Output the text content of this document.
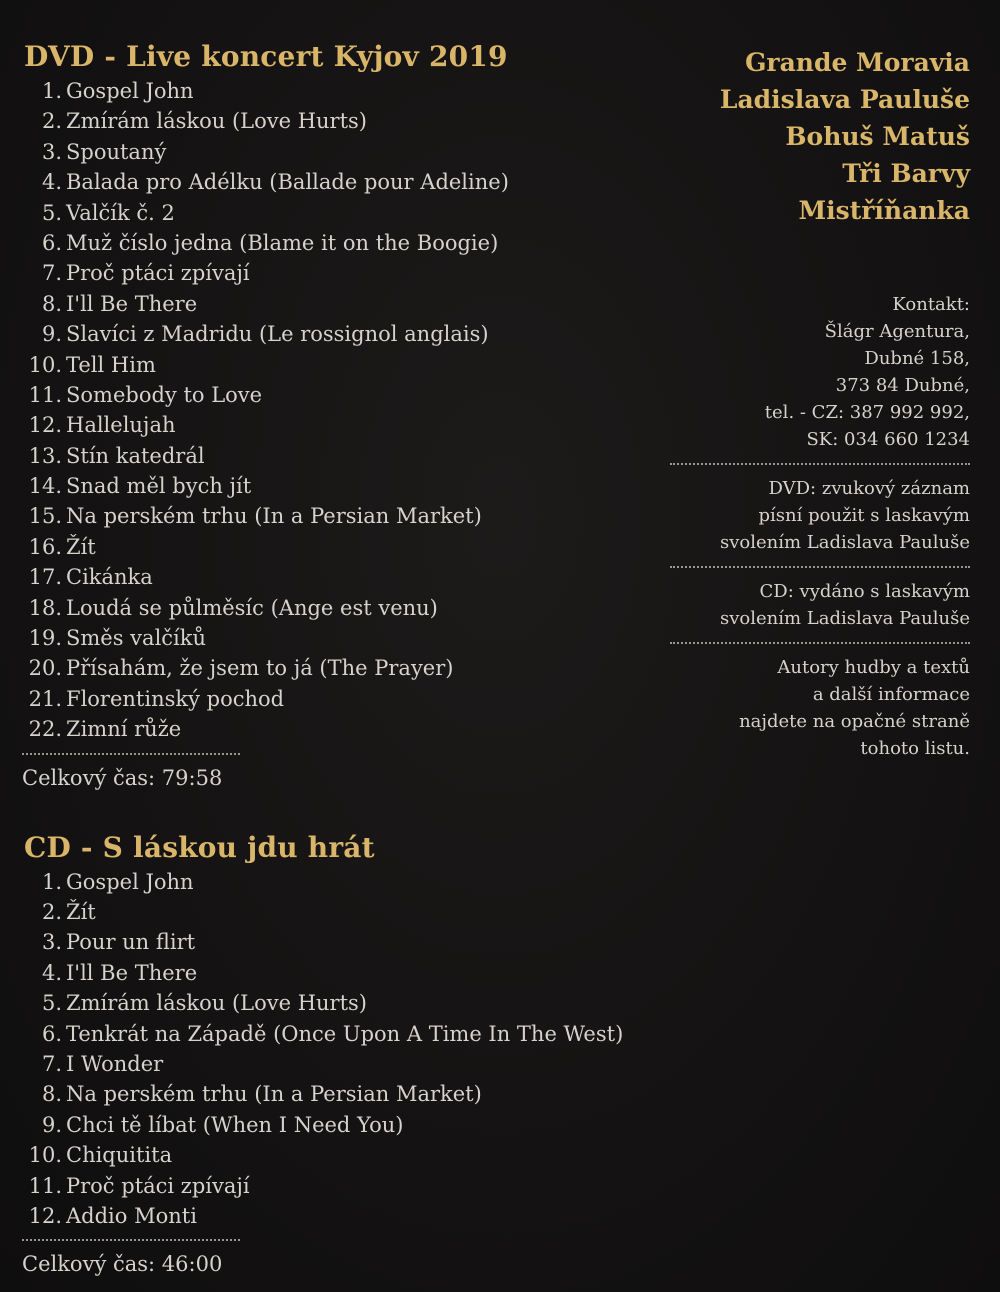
DVD - Live koncert Kyjov 2019
1. Gospel John
2. Zmírám láskou (Love Hurts)
3. Spoutaný
4. Balada pro Adélku (Ballade pour Adeline)
5. Valčík č. 2
6. Muž číslo jedna (Blame it on the Boogie)
7. Proč ptáci zpívají
8. I'll Be There
9. Slavíci z Madridu (Le rossignol anglais)
10. Tell Him
11. Somebody to Love
12. Hallelujah
13. Stín katedrál
14. Snad měl bych jít
15. Na perském trhu (In a Persian Market)
16. Žít
17. Cikánka
18. Loudá se půlměsíc (Ange est venu)
19. Směs valčíků
20. Přísahám, že jsem to já (The Prayer)
21. Florentinský pochod
22. Zimní růže
Celkový čas: 79:58
CD - S láskou jdu hrát
1. Gospel John
2. Žít
3. Pour un flirt
4. I'll Be There
5. Zmírám láskou (Love Hurts)
6. Tenkrát na Západě (Once Upon A Time In The West)
7. I Wonder
8. Na perském trhu (In a Persian Market)
9. Chci tě líbat (When I Need You)
10. Chiquitita
11. Proč ptáci zpívají
12. Addio Monti
Celkový čas: 46:00
Grande Moravia
Ladislava Pauluše
Bohuš Matuš
Tři Barvy
Mistříňanka
Kontakt:
Šlágr Agentura,
Dubné 158,
373 84 Dubné,
tel. - CZ: 387 992 992,
SK: 034 660 1234
DVD: zvukový záznam
písní použit s laskavým
svolením Ladislava Pauluše
CD: vydáno s laskavým
svolením Ladislava Pauluše
Autory hudby a textů
a další informace
najdete na opačné straně
tohoto listu.
